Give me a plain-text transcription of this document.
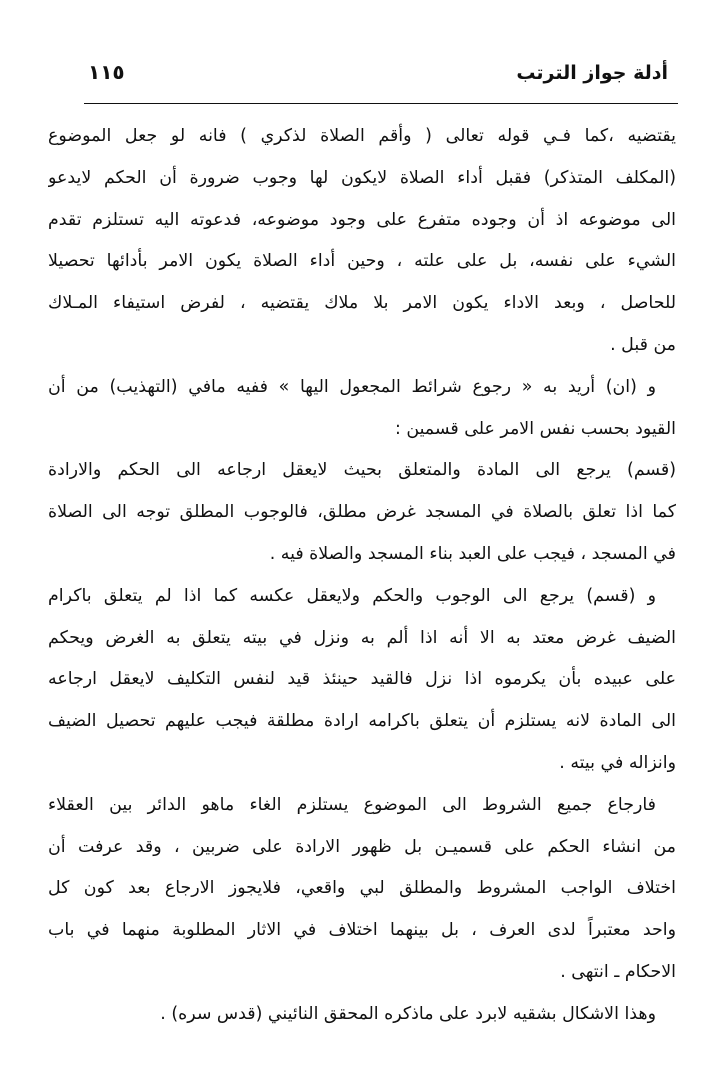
أدلة جواز الترتب
١١٥
يقتضيه ،كما فـي قوله تعالى ( وأقم الصلاة لذكري ) فانه لو جعل الموضوع
(المكلف المتذكر) فقبل أداء الصلاة لايكون لها وجوب ضرورة أن الحكم لايدعو
الى موضوعه اذ أن وجوده متفرع على وجود موضوعه، فدعوته اليه تستلزم تقدم
الشيء على نفسه، بل على علته ، وحين أداء الصلاة يكون الامر بأدائها تحصيلا
للحاصل ، وبعد الاداء يكون الامر بلا ملاك يقتضيه ، لفرض استيفاء المـلاك
من قبل .
و (ان) أريد به « رجوع شرائط المجعول اليها » ففيه مافي (التهذيب) من أن
القيود بحسب نفس الامر على قسمين :
(قسم) يرجع الى المادة والمتعلق بحيث لايعقل ارجاعه الى الحكم والارادة
كما اذا تعلق بالصلاة في المسجد غرض مطلق، فالوجوب المطلق توجه الى الصلاة
في المسجد ، فيجب على العبد بناء المسجد والصلاة فيه .
و (قسم) يرجع الى الوجوب والحكم ولايعقل عكسه كما اذا لم يتعلق باكرام
الضيف غرض معتد به الا أنه اذا ألم به ونزل في بيته يتعلق به الغرض ويحكم
على عبيده بأن يكرموه اذا نزل فالقيد حينئذ قيد لنفس التكليف لايعقل ارجاعه
الى المادة لانه يستلزم أن يتعلق باكرامه ارادة مطلقة فيجب عليهم تحصيل الضيف
وانزاله في بيته .
فارجاع جميع الشروط الى الموضوع يستلزم الغاء ماهو الدائر بين العقلاء
من انشاء الحكم على قسميـن بل ظهور الارادة على ضربين ، وقد عرفت أن
اختلاف الواجب المشروط والمطلق لبي واقعي، فلايجوز الارجاع بعد كون كل
واحد معتبراً لدى العرف ، بل بينهما اختلاف في الاثار المطلوبة منهما في باب
الاحكام ـ انتهى .
وهذا الاشكال بشقيه لابرد على ماذكره المحقق النائيني (قدس سره) .
